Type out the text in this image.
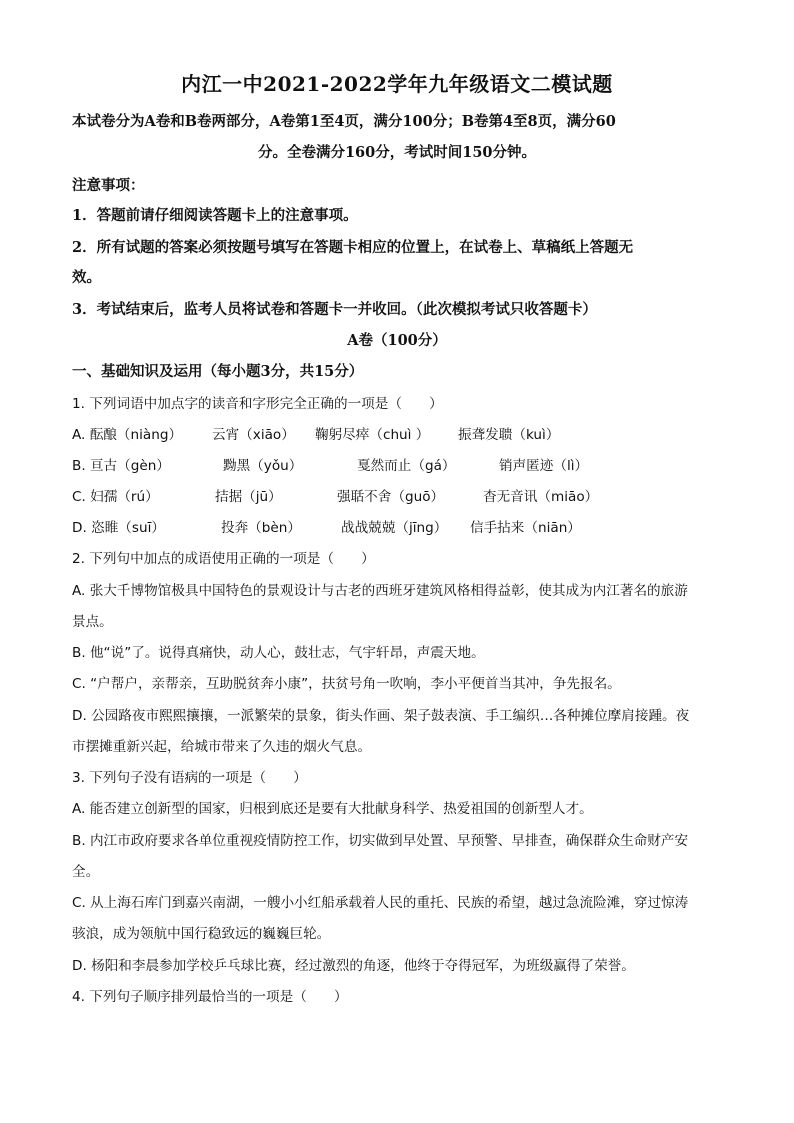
内江一中2021-2022学年九年级语文二模试题
本试卷分为A卷和B卷两部分，A卷第1至4页，满分100分；B卷第4至8页，满分60
分。全卷满分160分，考试时间150分钟。
注意事项：
1．答题前请仔细阅读答题卡上的注意事项。
2．所有试题的答案必须按题号填写在答题卡相应的位置上，在试卷上、草稿纸上答题无
效。
3．考试结束后，监考人员将试卷和答题卡一并收回。（此次模拟考试只收答题卡）
A卷（100分）
一、基础知识及运用（每小题3分，共15分）
1. 下列词语中加点字的读音和字形完全正确的一项是（　　）
A. 酝酿（niàng） 云宵（xiāo） 鞠躬尽瘁（chuì ） 振聋发聩（kuì）
B. 亘古（gèn）	黝黑（yǒu）	戛然而止（gá）	销声匿迹（lì）
C. 妇孺（rú）	拮据（jū）	强聒不舍（guō）	杳无音讯（miāo）
D. 恣睢（suī）	投奔（bèn）	战战兢兢（jīng） 信手拈来（niān）
2. 下列句中加点的成语使用正确的一项是（　　）
A. 张大千博物馆极具中国特色的景观设计与古老的西班牙建筑风格相得益彰，使其成为内江著名的旅游
景点。
B. 他“说”了。说得真痛快，动人心，鼓壮志，气宇轩昂，声震天地。
C. “户帮户，亲帮亲，互助脱贫奔小康”，扶贫号角一吹响，李小平便首当其冲，争先报名。
D. 公园路夜市熙熙攘攘，一派繁荣的景象，街头作画、架子鼓表演、手工编织…各种摊位摩肩接踵。夜
市摆摊重新兴起，给城市带来了久违的烟火气息。
3. 下列句子没有语病的一项是（　　）
A. 能否建立创新型的国家，归根到底还是要有大批献身科学、热爱祖国的创新型人才。
B. 内江市政府要求各单位重视疫情防控工作，切实做到早处置、早预警、早排查，确保群众生命财产安
全。
C. 从上海石库门到嘉兴南湖，一艘小小红船承载着人民的重托、民族的希望，越过急流险滩，穿过惊涛
骇浪，成为领航中国行稳致远的巍巍巨轮。
D. 杨阳和李晨参加学校乒乓球比赛，经过激烈的角逐，他终于夺得冠军，为班级赢得了荣誉。
4. 下列句子顺序排列最恰当的一项是（　　）
